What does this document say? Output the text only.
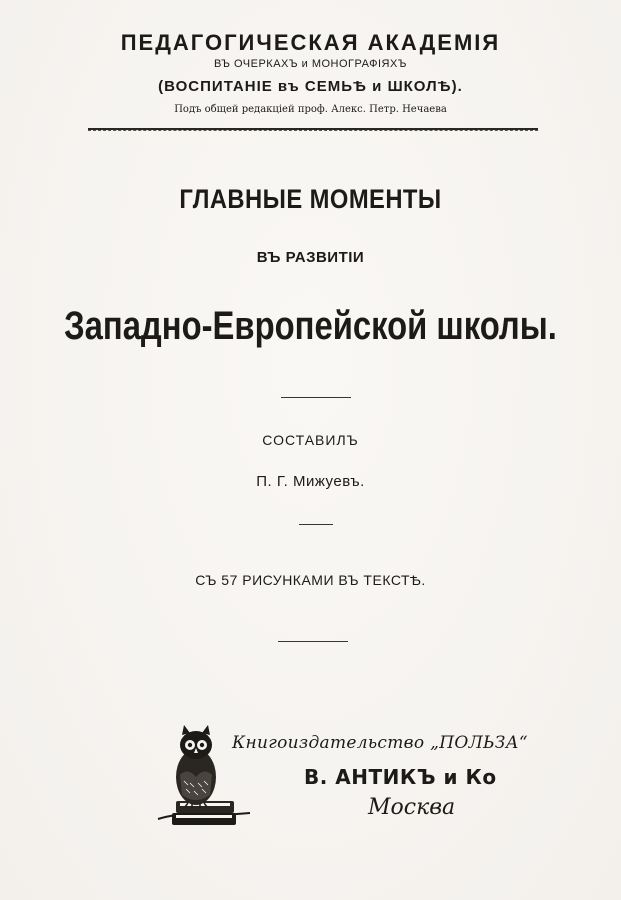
ПЕДАГОГИЧЕСКАЯ АКАДЕМIЯ
ВЪ ОЧЕРКАХЪ и МОНОГРАФIЯХЪ
(ВОСПИТАНIЕ въ СЕМЬѢ и ШКОЛѢ).
Подъ общей редакцiей проф. Алекс. Петр. Нечаева
ГЛАВНЫЕ МОМЕНТЫ
ВЪ РАЗВИТIИ
Западно-Европейской школы.
СОСТАВИЛЪ
П. Г. Мижуевъ.
СЪ 57 РИСУНКАМИ ВЪ ТЕКСТѢ.
Книгоиздательство „ПОЛЬЗА“
В. АНТИКЪ и Ко
Москва
